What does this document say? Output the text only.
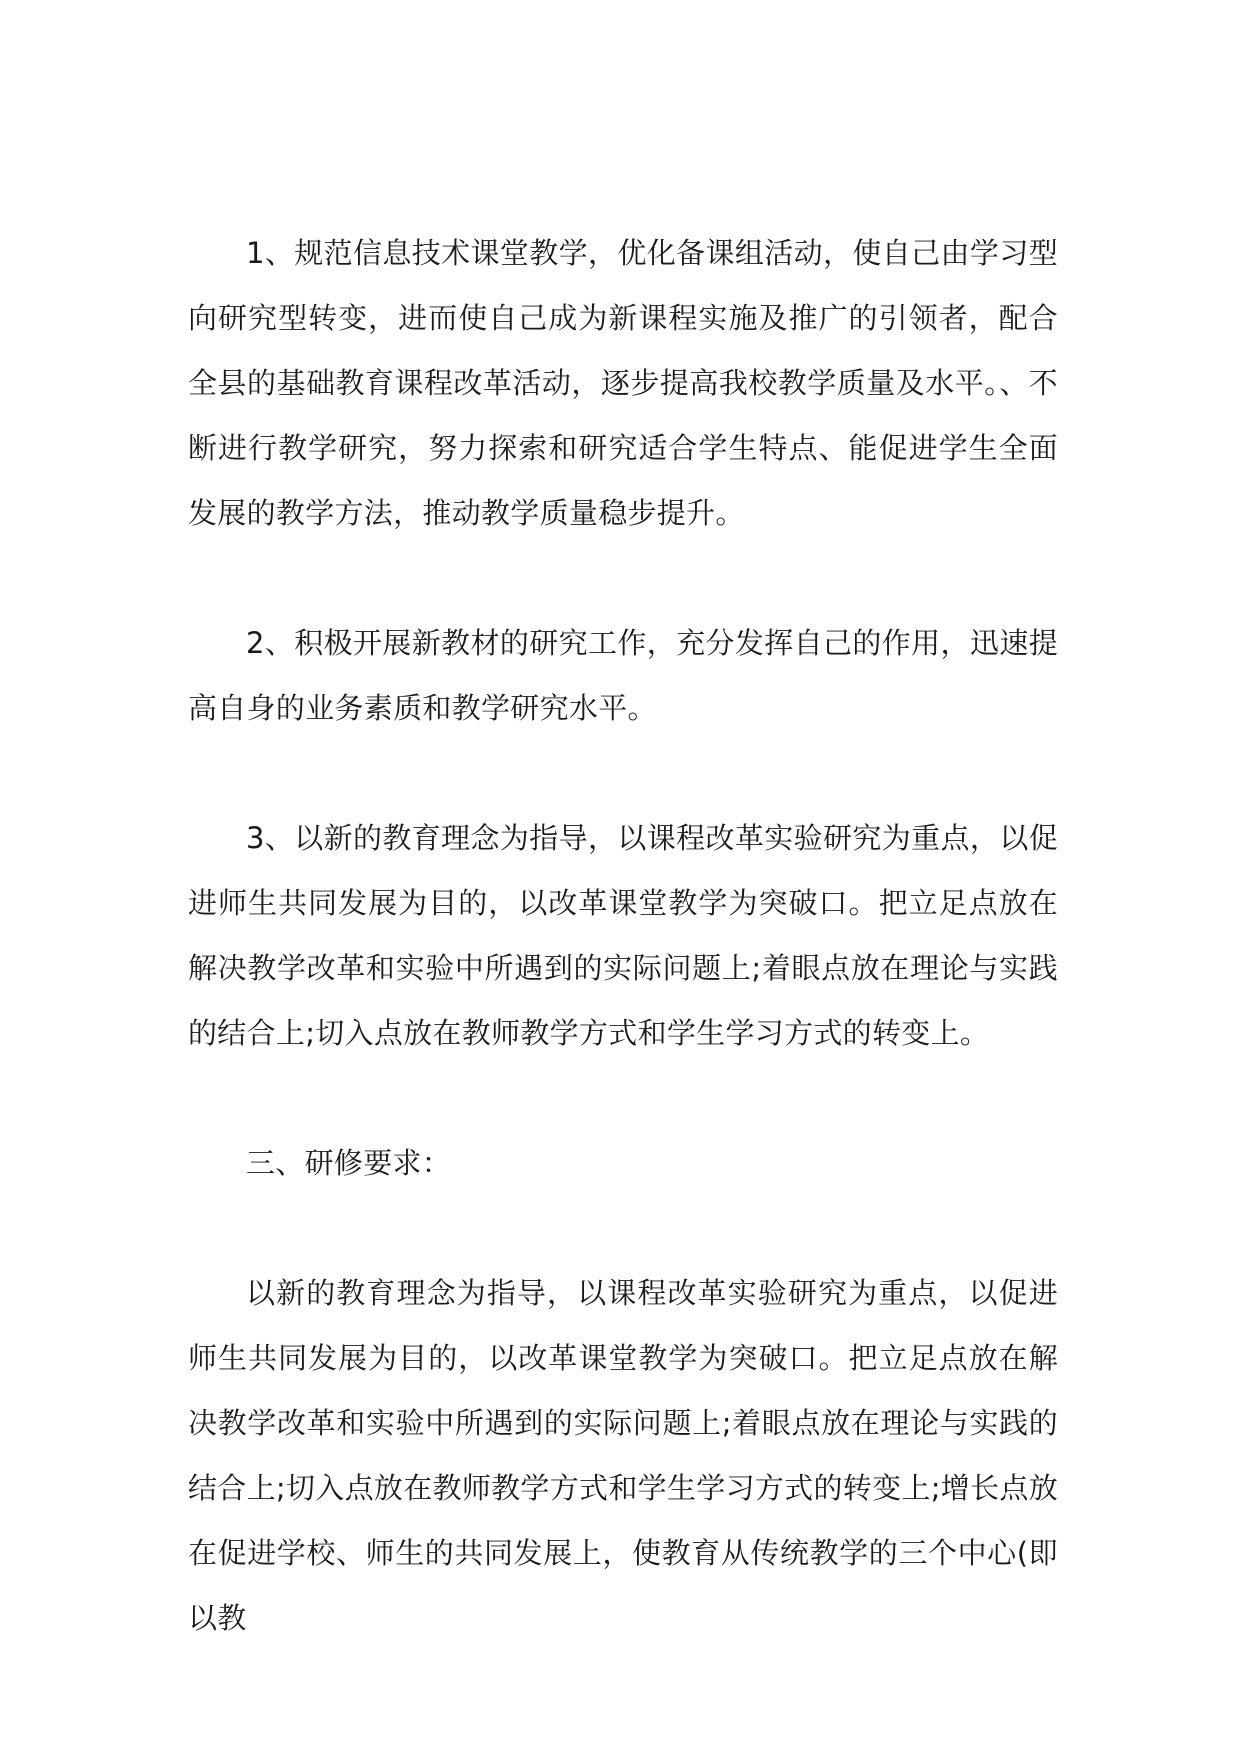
1、规范信息技术课堂教学，优化备课组活动，使自己由学习型向研究型转变，进而使自己成为新课程实施及推广的引领者，配合全县的基础教育课程改革活动，逐步提高我校教学质量及水平。、不断进行教学研究，努力探索和研究适合学生特点、能促进学生全面发展的教学方法，推动教学质量稳步提升。

2、积极开展新教材的研究工作，充分发挥自己的作用，迅速提高自身的业务素质和教学研究水平。

3、以新的教育理念为指导，以课程改革实验研究为重点，以促进师生共同发展为目的，以改革课堂教学为突破口。把立足点放在解决教学改革和实验中所遇到的实际问题上;着眼点放在理论与实践的结合上;切入点放在教师教学方式和学生学习方式的转变上。

三、研修要求：

以新的教育理念为指导，以课程改革实验研究为重点，以促进师生共同发展为目的，以改革课堂教学为突破口。把立足点放在解决教学改革和实验中所遇到的实际问题上;着眼点放在理论与实践的结合上;切入点放在教师教学方式和学生学习方式的转变上;增长点放在促进学校、师生的共同发展上，使教育从传统教学的三个中心(即以教
